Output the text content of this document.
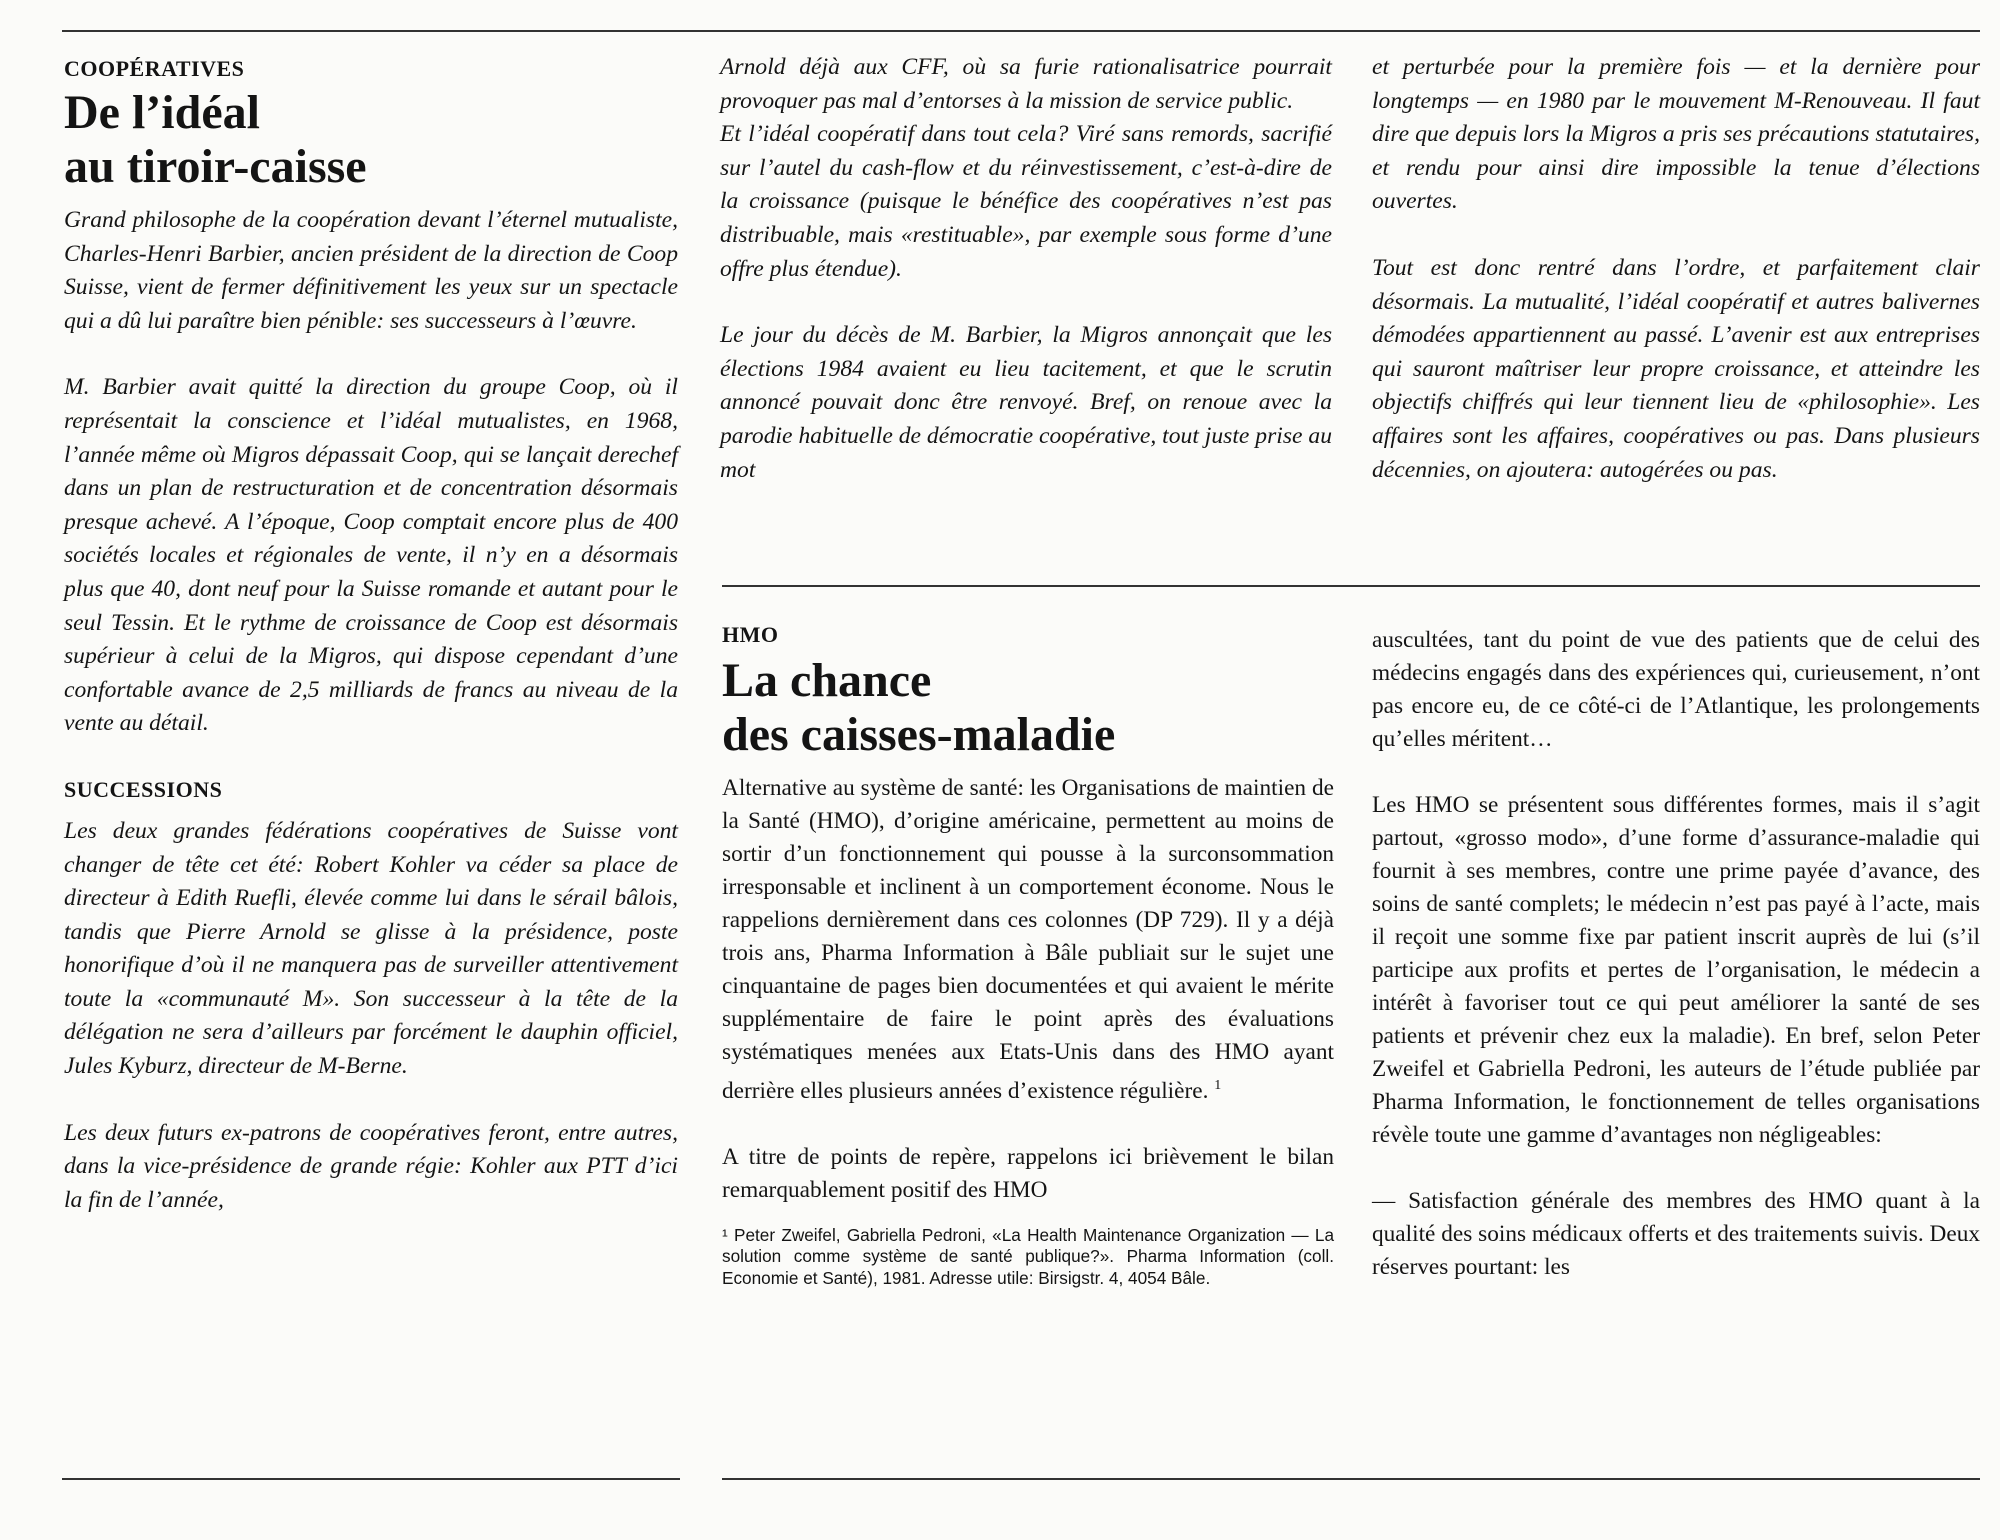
COOPÉRATIVES
De l’idéal
au tiroir-caisse

Grand philosophe de la coopération devant l’éternel mutualiste, Charles-Henri Barbier, ancien président de la direction de Coop Suisse, vient de fermer définitivement les yeux sur un spectacle qui a dû lui paraître bien pénible: ses successeurs à l’œuvre.

M. Barbier avait quitté la direction du groupe Coop, où il représentait la conscience et l’idéal mutualistes, en 1968, l’année même où Migros dépassait Coop, qui se lançait derechef dans un plan de restructuration et de concentration désormais presque achevé. A l’époque, Coop comptait encore plus de 400 sociétés locales et régionales de vente, il n’y en a désormais plus que 40, dont neuf pour la Suisse romande et autant pour le seul Tessin. Et le rythme de croissance de Coop est désormais supérieur à celui de la Migros, qui dispose cependant d’une confortable avance de 2,5 milliards de francs au niveau de la vente au détail.

SUCCESSIONS

Les deux grandes fédérations coopératives de Suisse vont changer de tête cet été: Robert Kohler va céder sa place de directeur à Edith Ruefli, élevée comme lui dans le sérail bâlois, tandis que Pierre Arnold se glisse à la présidence, poste honorifique d’où il ne manquera pas de surveiller attentivement toute la «communauté M». Son successeur à la tête de la délégation ne sera d’ailleurs par forcément le dauphin officiel, Jules Kyburz, directeur de M-Berne.

Les deux futurs ex-patrons de coopératives feront, entre autres, dans la vice-présidence de grande régie: Kohler aux PTT d’ici la fin de l’année,

Arnold déjà aux CFF, où sa furie rationalisatrice pourrait provoquer pas mal d’entorses à la mission de service public.

Et l’idéal coopératif dans tout cela? Viré sans remords, sacrifié sur l’autel du cash-flow et du réinvestissement, c’est-à-dire de la croissance (puisque le bénéfice des coopératives n’est pas distribuable, mais «restituable», par exemple sous forme d’une offre plus étendue).

Le jour du décès de M. Barbier, la Migros annonçait que les élections 1984 avaient eu lieu tacitement, et que le scrutin annoncé pouvait donc être renvoyé. Bref, on renoue avec la parodie habituelle de démocratie coopérative, tout juste prise au mot

et perturbée pour la première fois — et la dernière pour longtemps — en 1980 par le mouvement M-Renouveau. Il faut dire que depuis lors la Migros a pris ses précautions statutaires, et rendu pour ainsi dire impossible la tenue d’élections ouvertes.

Tout est donc rentré dans l’ordre, et parfaitement clair désormais. La mutualité, l’idéal coopératif et autres balivernes démodées appartiennent au passé. L’avenir est aux entreprises qui sauront maîtriser leur propre croissance, et atteindre les objectifs chiffrés qui leur tiennent lieu de «philosophie». Les affaires sont les affaires, coopératives ou pas. Dans plusieurs décennies, on ajoutera: autogérées ou pas.

HMO
La chance
des caisses-maladie

Alternative au système de santé: les Organisations de maintien de la Santé (HMO), d’origine américaine, permettent au moins de sortir d’un fonctionnement qui pousse à la surconsommation irresponsable et inclinent à un comportement économe. Nous le rappelions dernièrement dans ces colonnes (DP 729). Il y a déjà trois ans, Pharma Information à Bâle publiait sur le sujet une cinquantaine de pages bien documentées et qui avaient le mérite supplémentaire de faire le point après des évaluations systématiques menées aux Etats-Unis dans des HMO ayant derrière elles plusieurs années d’existence régulière. $^1$

A titre de points de repère, rappelons ici brièvement le bilan remarquablement positif des HMO

¹ Peter Zweifel, Gabriella Pedroni, «La Health Maintenance Organization — La solution comme système de santé publique?». Pharma Information (coll. Economie et Santé), 1981. Adresse utile: Birsigstr. 4, 4054 Bâle.

auscultées, tant du point de vue des patients que de celui des médecins engagés dans des expériences qui, curieusement, n’ont pas encore eu, de ce côté-ci de l’Atlantique, les prolongements qu’elles méritent…

Les HMO se présentent sous différentes formes, mais il s’agit partout, «grosso modo», d’une forme d’assurance-maladie qui fournit à ses membres, contre une prime payée d’avance, des soins de santé complets; le médecin n’est pas payé à l’acte, mais il reçoit une somme fixe par patient inscrit auprès de lui (s’il participe aux profits et pertes de l’organisation, le médecin a intérêt à favoriser tout ce qui peut améliorer la santé de ses patients et prévenir chez eux la maladie). En bref, selon Peter Zweifel et Gabriella Pedroni, les auteurs de l’étude publiée par Pharma Information, le fonctionnement de telles organisations révèle toute une gamme d’avantages non négligeables:

— Satisfaction générale des membres des HMO quant à la qualité des soins médicaux offerts et des traitements suivis. Deux réserves pourtant: les
